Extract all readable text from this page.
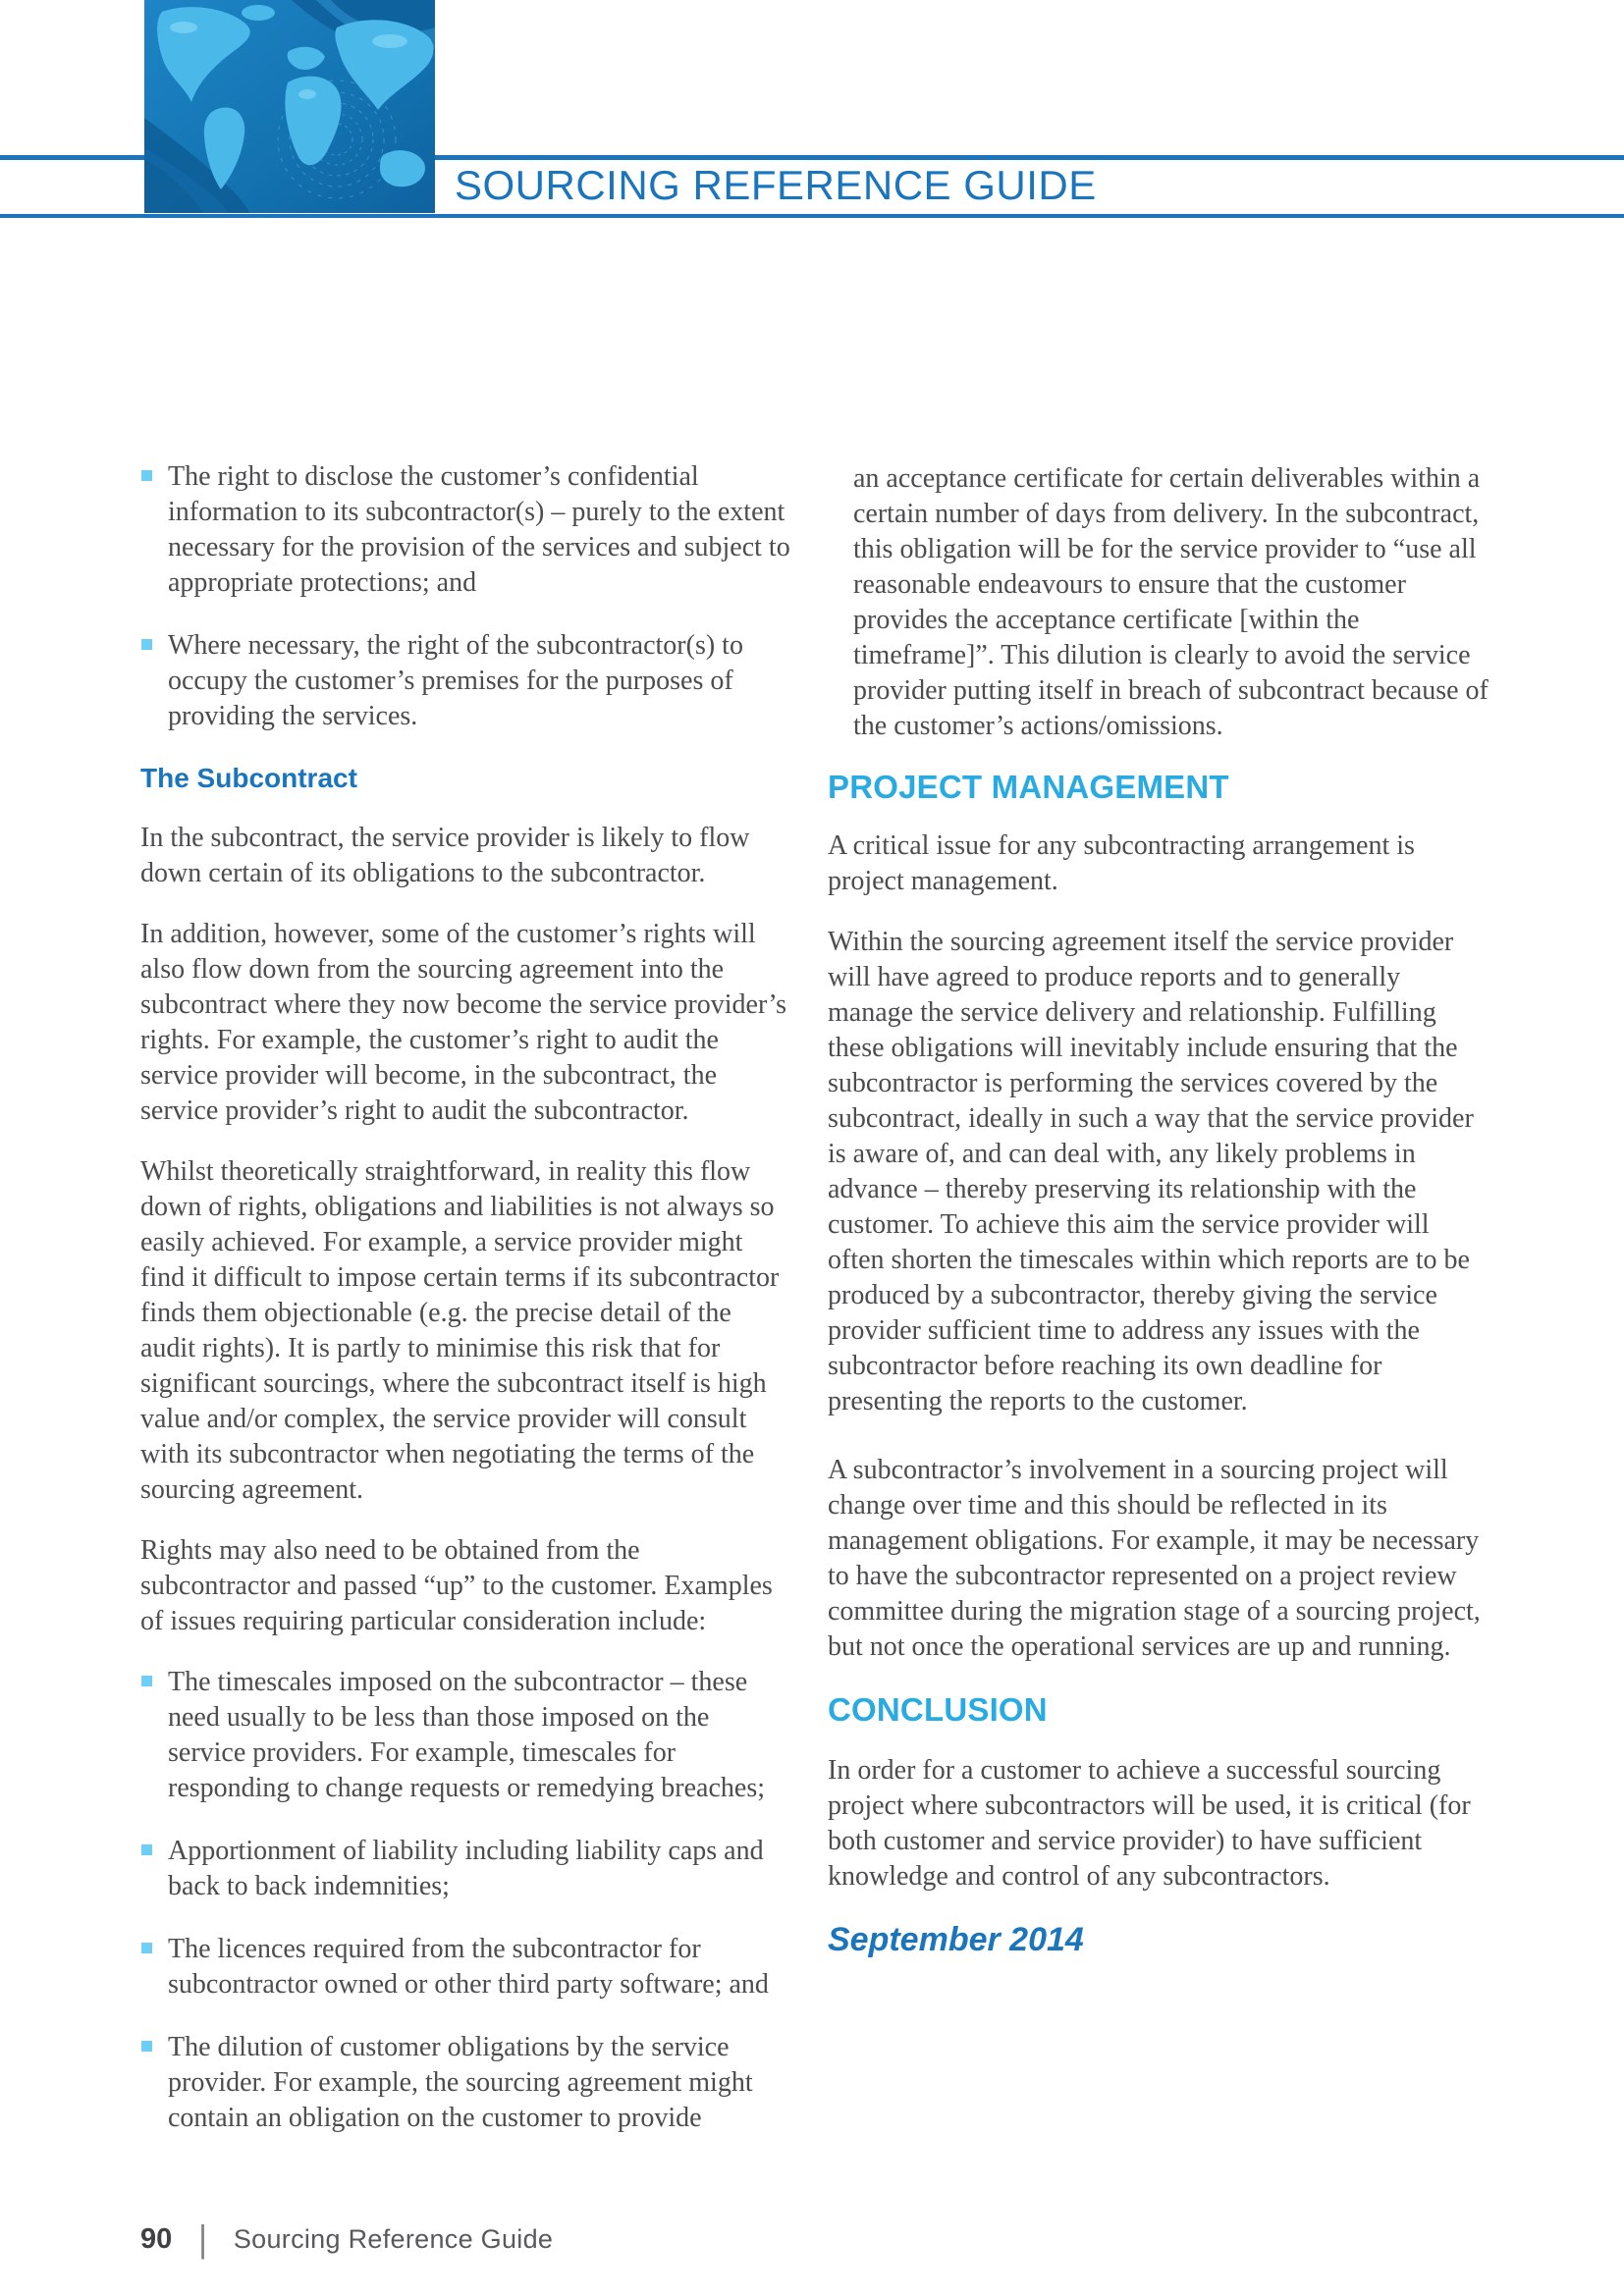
SOURCING REFERENCE GUIDE
The right to disclose the customer’s confidential information to its subcontractor(s) – purely to the extent necessary for the provision of the services and subject to appropriate protections; and
Where necessary, the right of the subcontractor(s) to occupy the customer’s premises for the purposes of providing the services.
The Subcontract

In the subcontract, the service provider is likely to flow down certain of its obligations to the subcontractor.

In addition, however, some of the customer’s rights will also flow down from the sourcing agreement into the subcontract where they now become the service provider’s rights. For example, the customer’s right to audit the service provider will become, in the subcontract, the service provider’s right to audit the subcontractor.

Whilst theoretically straightforward, in reality this flow down of rights, obligations and liabilities is not always so easily achieved. For example, a service provider might find it difficult to impose certain terms if its subcontractor finds them objectionable (e.g. the precise detail of the audit rights). It is partly to minimise this risk that for significant sourcings, where the subcontract itself is high value and/or complex, the service provider will consult with its subcontractor when negotiating the terms of the sourcing agreement.

Rights may also need to be obtained from the subcontractor and passed “up” to the customer. Examples of issues requiring particular consideration include:

The timescales imposed on the subcontractor – these need usually to be less than those imposed on the service providers. For example, timescales for responding to change requests or remedying breaches;
Apportionment of liability including liability caps and back to back indemnities;
The licences required from the subcontractor for subcontractor owned or other third party software; and
The dilution of customer obligations by the service provider. For example, the sourcing agreement might contain an obligation on the customer to provide

an acceptance certificate for certain deliverables within a certain number of days from delivery. In the subcontract, this obligation will be for the service provider to “use all reasonable endeavours to ensure that the customer provides the acceptance certificate [within the timeframe]”. This dilution is clearly to avoid the service provider putting itself in breach of subcontract because of the customer’s actions/omissions.

PROJECT MANAGEMENT

A critical issue for any subcontracting arrangement is project management.

Within the sourcing agreement itself the service provider will have agreed to produce reports and to generally manage the service delivery and relationship. Fulfilling these obligations will inevitably include ensuring that the subcontractor is performing the services covered by the subcontract, ideally in such a way that the service provider is aware of, and can deal with, any likely problems in advance – thereby preserving its relationship with the customer. To achieve this aim the service provider will often shorten the timescales within which reports are to be produced by a subcontractor, thereby giving the service provider sufficient time to address any issues with the subcontractor before reaching its own deadline for presenting the reports to the customer.

A subcontractor’s involvement in a sourcing project will change over time and this should be reflected in its management obligations. For example, it may be necessary to have the subcontractor represented on a project review committee during the migration stage of a sourcing project, but not once the operational services are up and running.

CONCLUSION

In order for a customer to achieve a successful sourcing project where subcontractors will be used, it is critical (for both customer and service provider) to have sufficient knowledge and control of any subcontractors.

September 2014
90 | Sourcing Reference Guide
